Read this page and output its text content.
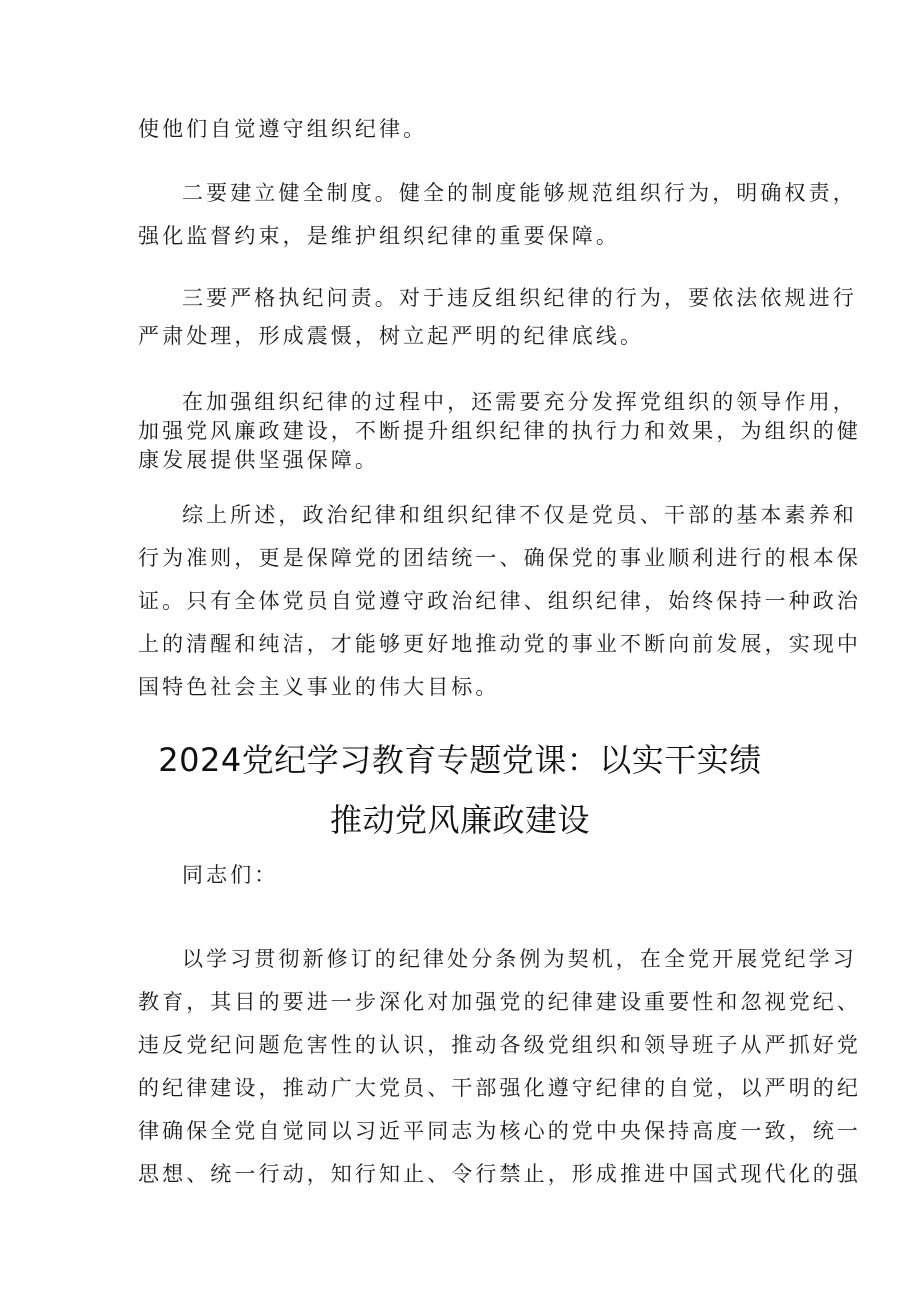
使他们自觉遵守组织纪律。
二要建立健全制度。健全的制度能够规范组织行为，明确权责，
强化监督约束，是维护组织纪律的重要保障。
三要严格执纪问责。对于违反组织纪律的行为，要依法依规进行
严肃处理，形成震慑，树立起严明的纪律底线。
在加强组织纪律的过程中，还需要充分发挥党组织的领导作用，
加强党风廉政建设，不断提升组织纪律的执行力和效果，为组织的健
康发展提供坚强保障。
综上所述，政治纪律和组织纪律不仅是党员、干部的基本素养和
行为准则，更是保障党的团结统一、确保党的事业顺利进行的根本保
证。只有全体党员自觉遵守政治纪律、组织纪律，始终保持一种政治
上的清醒和纯洁，才能够更好地推动党的事业不断向前发展，实现中
国特色社会主义事业的伟大目标。
2024党纪学习教育专题党课：以实干实绩
推动党风廉政建设
同志们：
以学习贯彻新修订的纪律处分条例为契机，在全党开展党纪学习
教育，其目的要进一步深化对加强党的纪律建设重要性和忽视党纪、
违反党纪问题危害性的认识，推动各级党组织和领导班子从严抓好党
的纪律建设，推动广大党员、干部强化遵守纪律的自觉，以严明的纪
律确保全党自觉同以习近平同志为核心的党中央保持高度一致，统一
思想、统一行动，知行知止、令行禁止，形成推进中国式现代化的强
